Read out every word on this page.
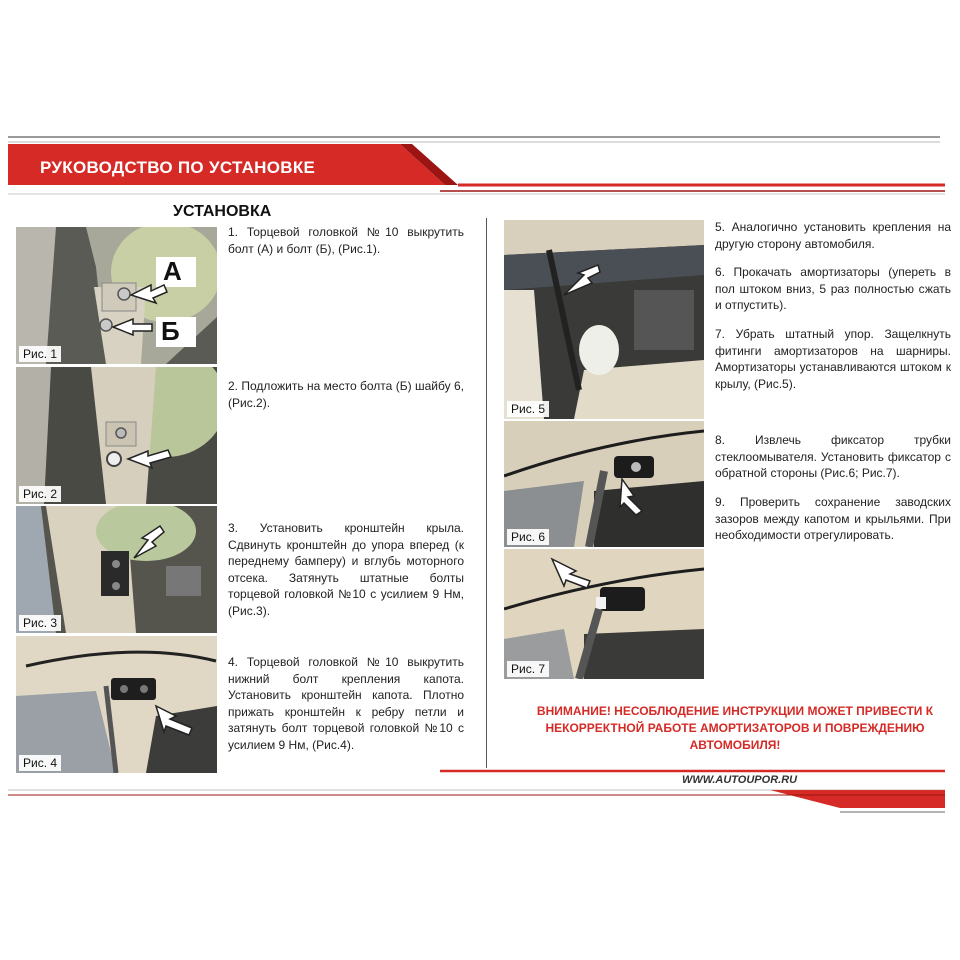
РУКОВОДСТВО ПО УСТАНОВКЕ
УСТАНОВКА
А
Б
Рис. 1
1. Торцевой головкой №10 выкрутить болт (А) и болт (Б), (Рис.1).
Рис. 2
2. Подложить на место болта (Б) шайбу 6, (Рис.2).
Рис. 3
3. Установить кронштейн крыла. Сдвинуть кронштейн до упора вперед (к переднему бамперу) и вглубь моторного отсека. Затянуть штатные болты торцевой головкой №10 с усилием 9 Нм, (Рис.3).
Рис. 4
4. Торцевой головкой №10 выкрутить нижний болт крепления капота. Установить кронштейн капота. Плотно прижать кронштейн к ребру петли и затянуть болт торцевой головкой №10 с усилием 9 Нм, (Рис.4).
Рис. 5
Рис. 6
Рис. 7
5. Аналогично установить крепления на другую сторону автомобиля.
6. Прокачать амортизаторы (упереть в пол штоком вниз, 5 раз полностью сжать и отпустить).
7. Убрать штатный упор. Защелкнуть фитинги амортизаторов на шарниры. Амортизаторы устанавливаются штоком к крылу, (Рис.5).
8. Извлечь фиксатор трубки стеклоомывателя. Установить фиксатор с обратной стороны (Рис.6; Рис.7).
9. Проверить сохранение заводских зазоров между капотом и крыльями. При необходимости отрегулировать.
ВНИМАНИЕ! НЕСОБЛЮДЕНИЕ ИНСТРУКЦИИ МОЖЕТ ПРИВЕСТИ К НЕКОРРЕКТНОЙ РАБОТЕ АМОРТИЗАТОРОВ И ПОВРЕЖДЕНИЮ АВТОМОБИЛЯ!
WWW.AUTOUPOR.RU
